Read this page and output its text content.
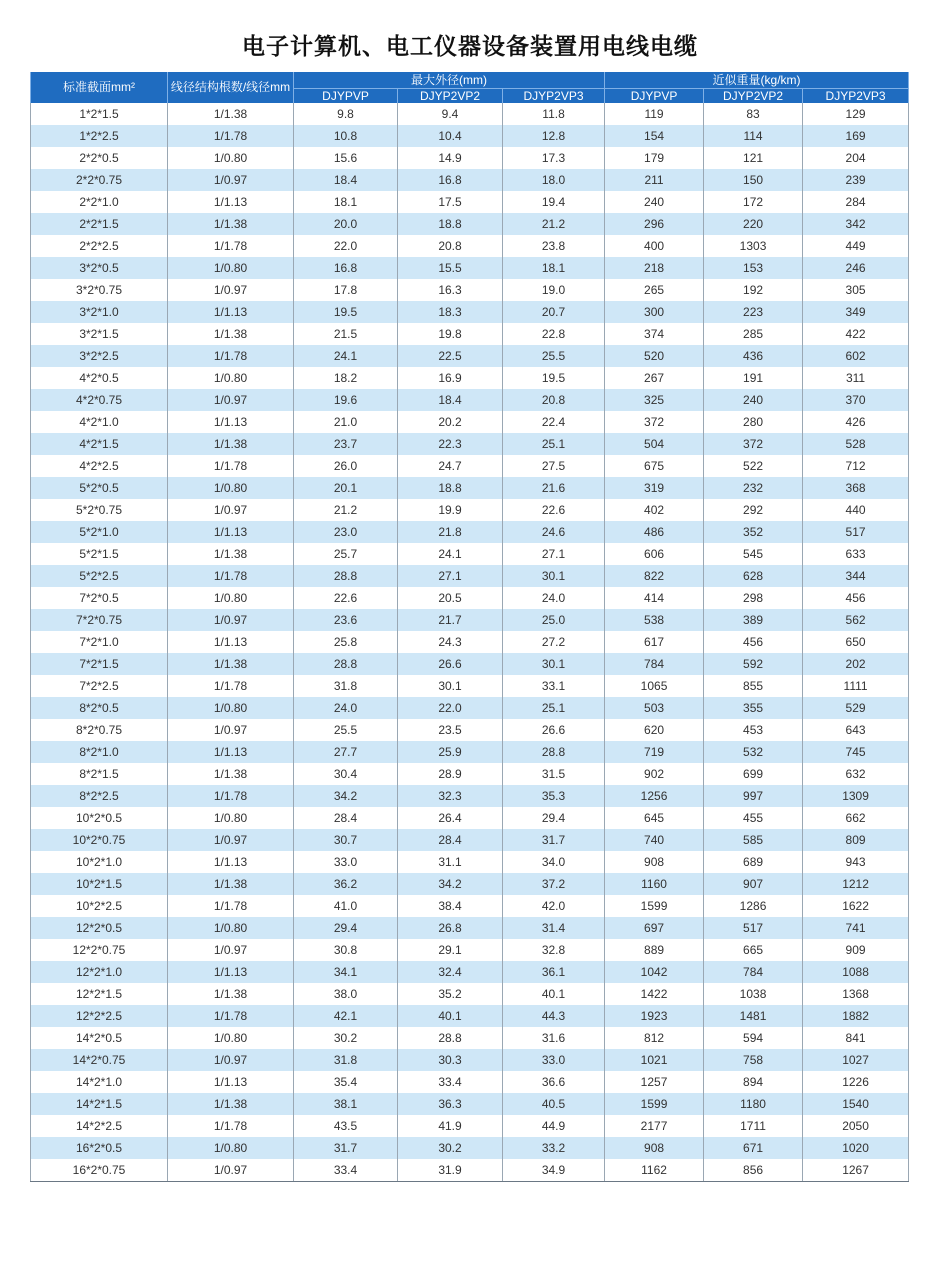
电子计算机、电工仪器设备装置用电线电缆
标准截面mm²	线径结构根数/线径mm	最大外径(mm)			近似重量(kg/km)		
		DJYPVP	DJYP2VP2	DJYP2VP3	DJYPVP	DJYP2VP2	DJYP2VP3
1*2*1.5	1/1.38	9.8	9.4	11.8	119	83	129
1*2*2.5	1/1.78	10.8	10.4	12.8	154	114	169
2*2*0.5	1/0.80	15.6	14.9	17.3	179	121	204
2*2*0.75	1/0.97	18.4	16.8	18.0	211	150	239
2*2*1.0	1/1.13	18.1	17.5	19.4	240	172	284
2*2*1.5	1/1.38	20.0	18.8	21.2	296	220	342
2*2*2.5	1/1.78	22.0	20.8	23.8	400	1303	449
3*2*0.5	1/0.80	16.8	15.5	18.1	218	153	246
3*2*0.75	1/0.97	17.8	16.3	19.0	265	192	305
3*2*1.0	1/1.13	19.5	18.3	20.7	300	223	349
3*2*1.5	1/1.38	21.5	19.8	22.8	374	285	422
3*2*2.5	1/1.78	24.1	22.5	25.5	520	436	602
4*2*0.5	1/0.80	18.2	16.9	19.5	267	191	311
4*2*0.75	1/0.97	19.6	18.4	20.8	325	240	370
4*2*1.0	1/1.13	21.0	20.2	22.4	372	280	426
4*2*1.5	1/1.38	23.7	22.3	25.1	504	372	528
4*2*2.5	1/1.78	26.0	24.7	27.5	675	522	712
5*2*0.5	1/0.80	20.1	18.8	21.6	319	232	368
5*2*0.75	1/0.97	21.2	19.9	22.6	402	292	440
5*2*1.0	1/1.13	23.0	21.8	24.6	486	352	517
5*2*1.5	1/1.38	25.7	24.1	27.1	606	545	633
5*2*2.5	1/1.78	28.8	27.1	30.1	822	628	344
7*2*0.5	1/0.80	22.6	20.5	24.0	414	298	456
7*2*0.75	1/0.97	23.6	21.7	25.0	538	389	562
7*2*1.0	1/1.13	25.8	24.3	27.2	617	456	650
7*2*1.5	1/1.38	28.8	26.6	30.1	784	592	202
7*2*2.5	1/1.78	31.8	30.1	33.1	1065	855	1111
8*2*0.5	1/0.80	24.0	22.0	25.1	503	355	529
8*2*0.75	1/0.97	25.5	23.5	26.6	620	453	643
8*2*1.0	1/1.13	27.7	25.9	28.8	719	532	745
8*2*1.5	1/1.38	30.4	28.9	31.5	902	699	632
8*2*2.5	1/1.78	34.2	32.3	35.3	1256	997	1309
10*2*0.5	1/0.80	28.4	26.4	29.4	645	455	662
10*2*0.75	1/0.97	30.7	28.4	31.7	740	585	809
10*2*1.0	1/1.13	33.0	31.1	34.0	908	689	943
10*2*1.5	1/1.38	36.2	34.2	37.2	1160	907	1212
10*2*2.5	1/1.78	41.0	38.4	42.0	1599	1286	1622
12*2*0.5	1/0.80	29.4	26.8	31.4	697	517	741
12*2*0.75	1/0.97	30.8	29.1	32.8	889	665	909
12*2*1.0	1/1.13	34.1	32.4	36.1	1042	784	1088
12*2*1.5	1/1.38	38.0	35.2	40.1	1422	1038	1368
12*2*2.5	1/1.78	42.1	40.1	44.3	1923	1481	1882
14*2*0.5	1/0.80	30.2	28.8	31.6	812	594	841
14*2*0.75	1/0.97	31.8	30.3	33.0	1021	758	1027
14*2*1.0	1/1.13	35.4	33.4	36.6	1257	894	1226
14*2*1.5	1/1.38	38.1	36.3	40.5	1599	1180	1540
14*2*2.5	1/1.78	43.5	41.9	44.9	2177	1711	2050
16*2*0.5	1/0.80	31.7	30.2	33.2	908	671	1020
16*2*0.75	1/0.97	33.4	31.9	34.9	1162	856	1267
